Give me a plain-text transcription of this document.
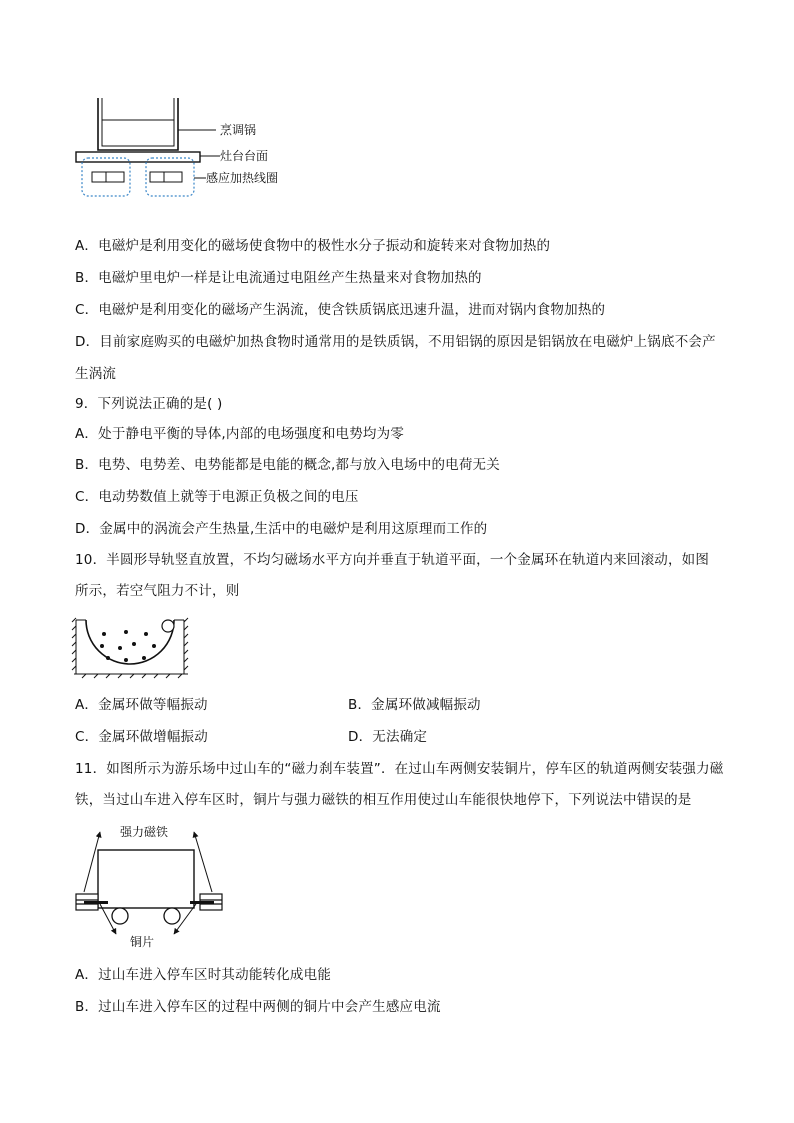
烹调锅
灶台台面
感应加热线圈
A．电磁炉是利用变化的磁场使食物中的极性水分子振动和旋转来对食物加热的
B．电磁炉里电炉一样是让电流通过电阻丝产生热量来对食物加热的
C．电磁炉是利用变化的磁场产生涡流，使含铁质锅底迅速升温，进而对锅内食物加热的
D．目前家庭购买的电磁炉加热食物时通常用的是铁质锅，不用铝锅的原因是铝锅放在电磁炉上锅底不会产
生涡流
9．下列说法正确的是( )
A．处于静电平衡的导体,内部的电场强度和电势均为零
B．电势、电势差、电势能都是电能的概念,都与放入电场中的电荷无关
C．电动势数值上就等于电源正负极之间的电压
D．金属中的涡流会产生热量,生活中的电磁炉是利用这原理而工作的
10．半圆形导轨竖直放置，不均匀磁场水平方向并垂直于轨道平面，一个金属环在轨道内来回滚动，如图
所示，若空气阻力不计，则
A．金属环做等幅振动	B．金属环做减幅振动
C．金属环做增幅振动	D．无法确定
11．如图所示为游乐场中过山车的“磁力刹车装置”．在过山车两侧安装铜片，停车区的轨道两侧安装强力磁
铁，当过山车进入停车区时，铜片与强力磁铁的相互作用使过山车能很快地停下，下列说法中错误的是
强力磁铁
铜片
A．过山车进入停车区时其动能转化成电能
B．过山车进入停车区的过程中两侧的铜片中会产生感应电流
